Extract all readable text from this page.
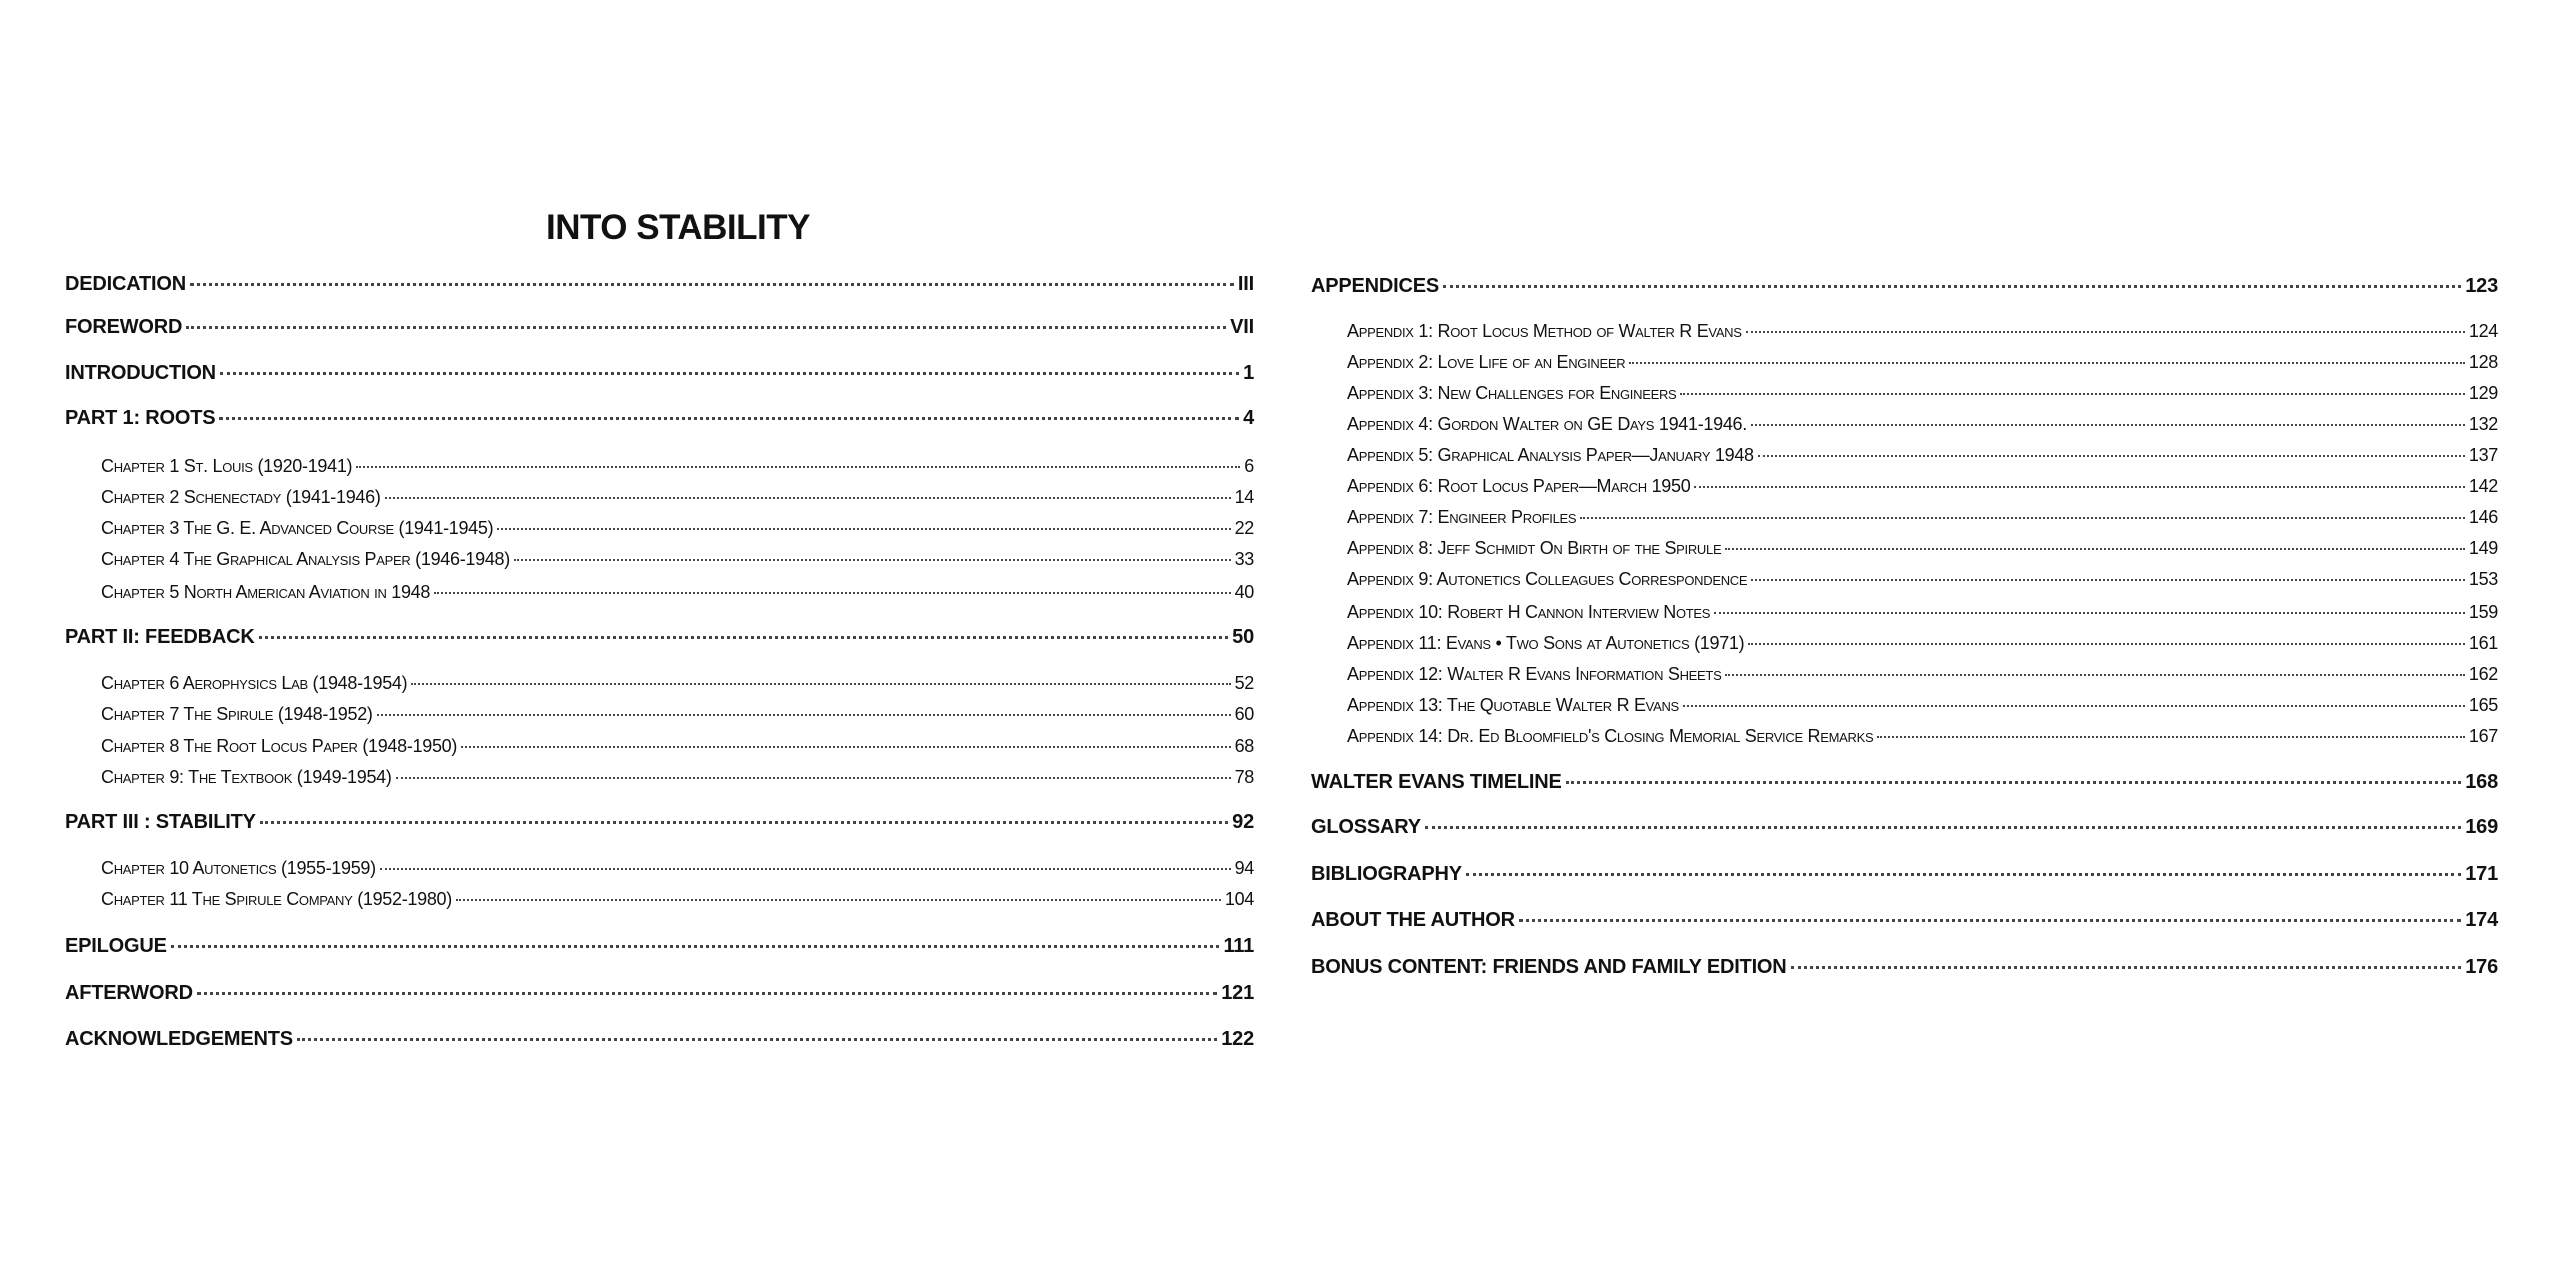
INTO STABILITY
DEDICATION	III
FOREWORD	VII
INTRODUCTION	1
PART 1: ROOTS	4
Chapter 1 St. Louis (1920-1941)	6
Chapter 2 Schenectady (1941-1946)	14
Chapter 3 The G. E. Advanced Course (1941-1945)	22
Chapter 4 The Graphical Analysis Paper (1946-1948)	33
Chapter 5 North American Aviation in 1948	40
PART II: FEEDBACK	50
Chapter 6 Aerophysics Lab (1948-1954)	52
Chapter 7 The Spirule (1948-1952)	60
Chapter 8 The Root Locus Paper (1948-1950)	68
Chapter 9: The Textbook (1949-1954)	78
PART III : STABILITY	92
Chapter 10 Autonetics (1955-1959)	94
Chapter 11 The Spirule Company (1952-1980)	104
EPILOGUE	111
AFTERWORD	121
ACKNOWLEDGEMENTS	122
APPENDICES	123
Appendix 1: Root Locus Method of Walter R Evans	124
Appendix 2: Love Life of an Engineer	128
Appendix 3: New Challenges for Engineers	129
Appendix 4: Gordon Walter on GE Days 1941-1946.	132
Appendix 5: Graphical Analysis Paper—January 1948	137
Appendix 6: Root Locus Paper—March 1950	142
Appendix 7: Engineer Profiles	146
Appendix 8: Jeff Schmidt On Birth of the Spirule	149
Appendix 9: Autonetics Colleagues Correspondence	153
Appendix 10: Robert H Cannon Interview Notes	159
Appendix 11: Evans • Two Sons at Autonetics (1971)	161
Appendix 12: Walter R Evans Information Sheets	162
Appendix 13: The Quotable Walter R Evans	165
Appendix 14: Dr. Ed Bloomfield's Closing Memorial Service Remarks	167
WALTER EVANS TIMELINE	168
GLOSSARY	169
BIBLIOGRAPHY	171
ABOUT THE AUTHOR	174
BONUS CONTENT: FRIENDS AND FAMILY EDITION	176
